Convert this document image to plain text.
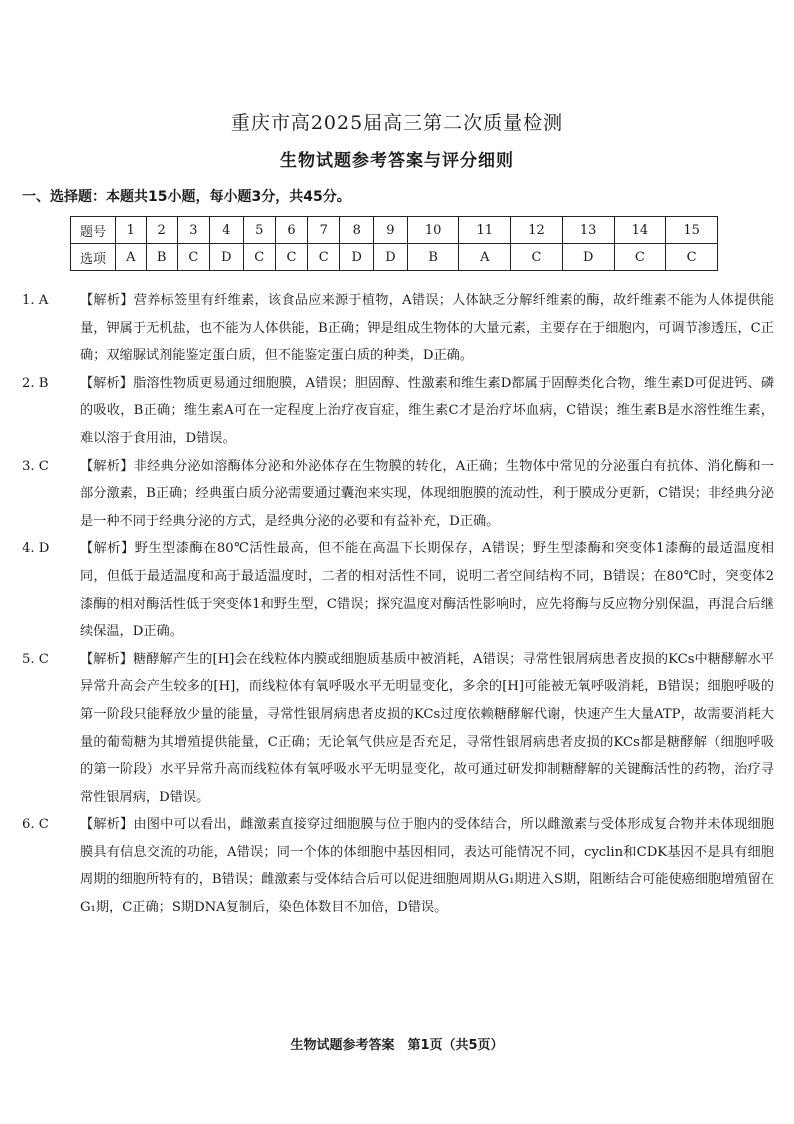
重庆市高2025届高三第二次质量检测
生物试题参考答案与评分细则
一、选择题：本题共15小题，每小题3分，共45分。
题号	1	2	3	4	5	6	7	8	9	10	11	12	13	14	15
选项	A	B	C	D	C	C	C	D	D	B	A	C	D	C	C
1. A	【解析】营养标签里有纤维素，该食品应来源于植物，A错误；人体缺乏分解纤维素的酶，故纤维素不能为人体提供能量，钾属于无机盐，也不能为人体供能，B正确；钾是组成生物体的大量元素，主要存在于细胞内，可调节渗透压，C正确；双缩脲试剂能鉴定蛋白质，但不能鉴定蛋白质的种类，D正确。
2. B	【解析】脂溶性物质更易通过细胞膜，A错误；胆固醇、性激素和维生素D都属于固醇类化合物，维生素D可促进钙、磷的吸收，B正确；维生素A可在一定程度上治疗夜盲症，维生素C才是治疗坏血病，C错误；维生素B是水溶性维生素，难以溶于食用油，D错误。
3. C	【解析】非经典分泌如溶酶体分泌和外泌体存在生物膜的转化，A正确；生物体中常见的分泌蛋白有抗体、消化酶和一部分激素，B正确；经典蛋白质分泌需要通过囊泡来实现，体现细胞膜的流动性，利于膜成分更新，C错误；非经典分泌是一种不同于经典分泌的方式，是经典分泌的必要和有益补充，D正确。
4. D	【解析】野生型漆酶在80℃活性最高，但不能在高温下长期保存，A错误；野生型漆酶和突变体1漆酶的最适温度相同，但低于最适温度和高于最适温度时，二者的相对活性不同，说明二者空间结构不同，B错误；在80℃时，突变体2漆酶的相对酶活性低于突变体1和野生型，C错误；探究温度对酶活性影响时，应先将酶与反应物分别保温，再混合后继续保温，D正确。
5. C	【解析】糖酵解产生的[H]会在线粒体内膜或细胞质基质中被消耗，A错误；寻常性银屑病患者皮损的KCs中糖酵解水平异常升高会产生较多的[H]，而线粒体有氧呼吸水平无明显变化，多余的[H]可能被无氧呼吸消耗，B错误；细胞呼吸的第一阶段只能释放少量的能量，寻常性银屑病患者皮损的KCs过度依赖糖酵解代谢，快速产生大量ATP，故需要消耗大量的葡萄糖为其增殖提供能量，C正确；无论氧气供应是否充足，寻常性银屑病患者皮损的KCs都是糖酵解（细胞呼吸的第一阶段）水平异常升高而线粒体有氧呼吸水平无明显变化，故可通过研发抑制糖酵解的关键酶活性的药物，治疗寻常性银屑病，D错误。
6. C	【解析】由图中可以看出，雌激素直接穿过细胞膜与位于胞内的受体结合，所以雌激素与受体形成复合物并未体现细胞膜具有信息交流的功能，A错误；同一个体的体细胞中基因相同，表达可能情况不同，cyclin和CDK基因不是具有细胞周期的细胞所特有的，B错误；雌激素与受体结合后可以促进细胞周期从G₁期进入S期，阻断结合可能使癌细胞增殖留在G₁期，C正确；S期DNA复制后，染色体数目不加倍，D错误。
生物试题参考答案　第1页（共5页）
